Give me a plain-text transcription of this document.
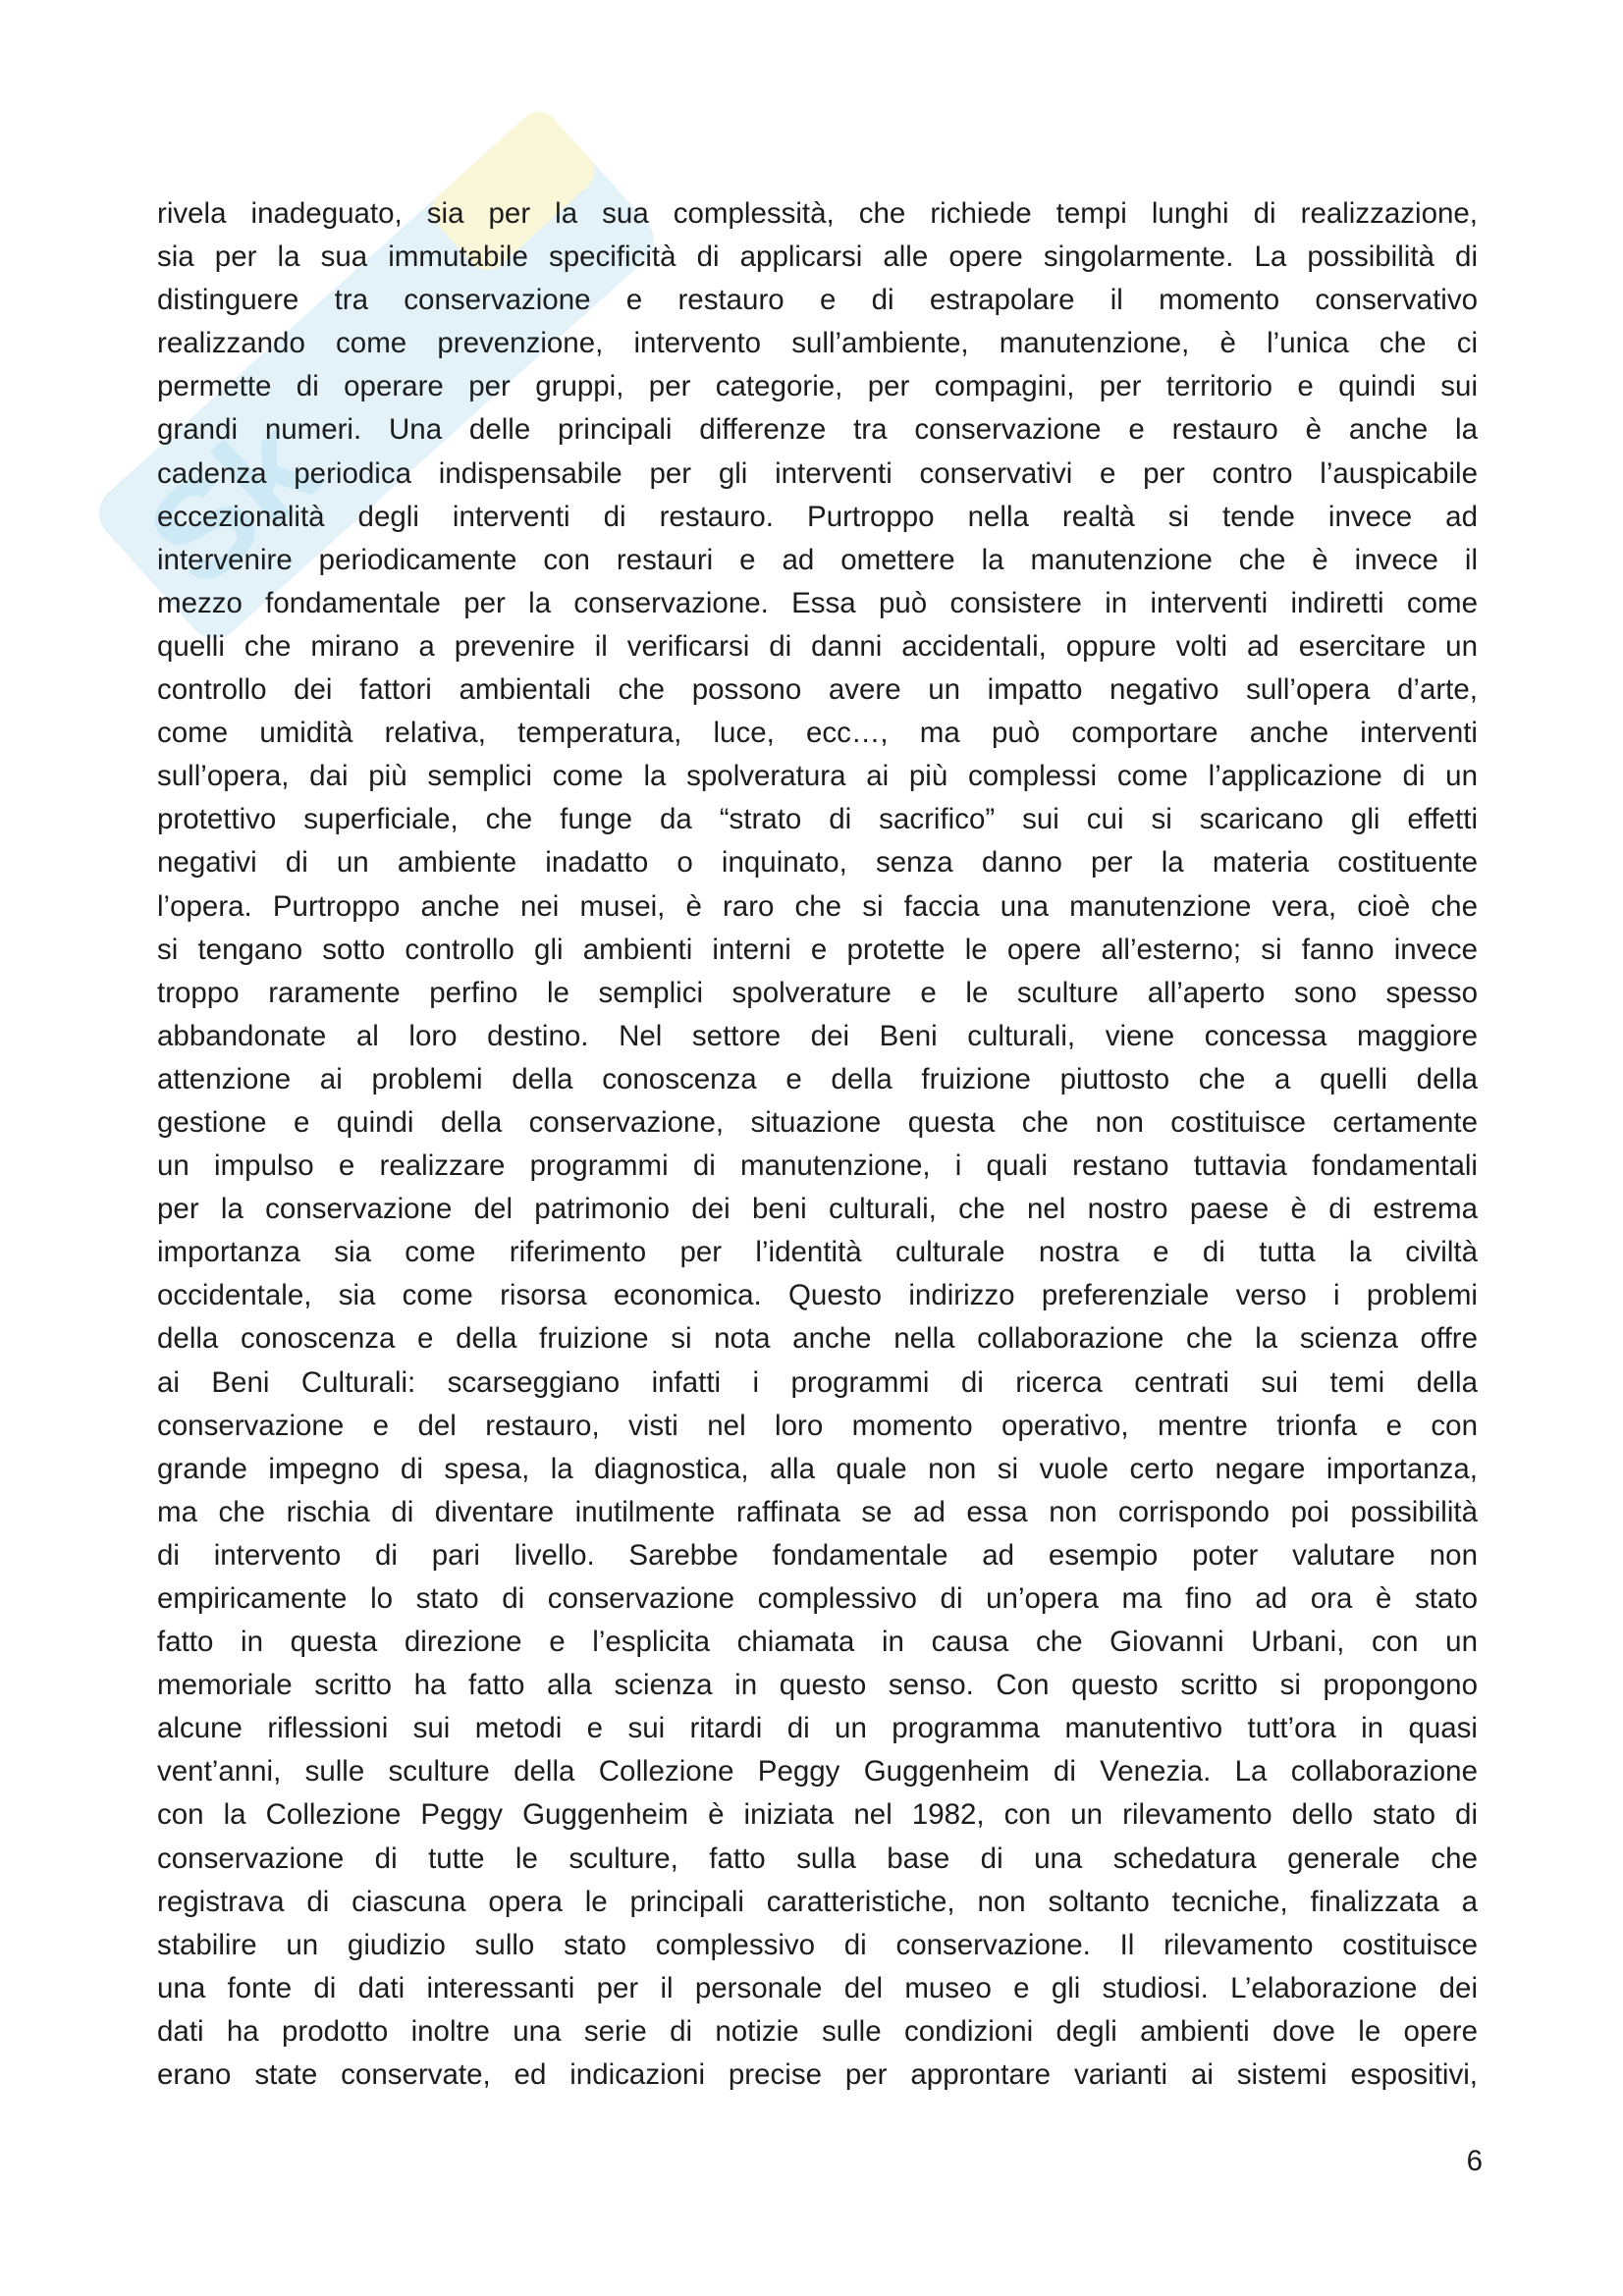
Sk
rivela inadeguato, sia per la sua complessità, che richiede tempi lunghi di realizzazione,
sia per la sua immutabile specificità di applicarsi alle opere singolarmente. La possibilità di
distinguere tra conservazione e restauro e di estrapolare il momento conservativo
realizzando come prevenzione, intervento sull’ambiente, manutenzione, è l’unica che ci
permette di operare per gruppi, per categorie, per compagini, per territorio e quindi sui
grandi numeri. Una delle principali differenze tra conservazione e restauro è anche la
cadenza periodica indispensabile per gli interventi conservativi e per contro l’auspicabile
eccezionalità degli interventi di restauro. Purtroppo nella realtà si tende invece ad
intervenire periodicamente con restauri e ad omettere la manutenzione che è invece il
mezzo fondamentale per la conservazione. Essa può consistere in interventi indiretti come
quelli che mirano a prevenire il verificarsi di danni accidentali, oppure volti ad esercitare un
controllo dei fattori ambientali che possono avere un impatto negativo sull’opera d’arte,
come umidità relativa, temperatura, luce, ecc…, ma può comportare anche interventi
sull’opera, dai più semplici come la spolveratura ai più complessi come l’applicazione di un
protettivo superficiale, che funge da “strato di sacrifico” sui cui si scaricano gli effetti
negativi di un ambiente inadatto o inquinato, senza danno per la materia costituente
l’opera. Purtroppo anche nei musei, è raro che si faccia una manutenzione vera, cioè che
si tengano sotto controllo gli ambienti interni e protette le opere all’esterno; si fanno invece
troppo raramente perfino le semplici spolverature e le sculture all’aperto sono spesso
abbandonate al loro destino. Nel settore dei Beni culturali, viene concessa maggiore
attenzione ai problemi della conoscenza e della fruizione piuttosto che a quelli della
gestione e quindi della conservazione, situazione questa che non costituisce certamente
un impulso e realizzare programmi di manutenzione, i quali restano tuttavia fondamentali
per la conservazione del patrimonio dei beni culturali, che nel nostro paese è di estrema
importanza sia come riferimento per l’identità culturale nostra e di tutta la civiltà
occidentale, sia come risorsa economica. Questo indirizzo preferenziale verso i problemi
della conoscenza e della fruizione si nota anche nella collaborazione che la scienza offre
ai Beni Culturali: scarseggiano infatti i programmi di ricerca centrati sui temi della
conservazione e del restauro, visti nel loro momento operativo, mentre trionfa e con
grande impegno di spesa, la diagnostica, alla quale non si vuole certo negare importanza,
ma che rischia di diventare inutilmente raffinata se ad essa non corrispondo poi possibilità
di intervento di pari livello. Sarebbe fondamentale ad esempio poter valutare non
empiricamente lo stato di conservazione complessivo di un’opera ma fino ad ora è stato
fatto in questa direzione e l’esplicita chiamata in causa che Giovanni Urbani, con un
memoriale scritto ha fatto alla scienza in questo senso. Con questo scritto si propongono
alcune riflessioni sui metodi e sui ritardi di un programma manutentivo tutt’ora in quasi
vent’anni, sulle sculture della Collezione Peggy Guggenheim di Venezia. La collaborazione
con la Collezione Peggy Guggenheim è iniziata nel 1982, con un rilevamento dello stato di
conservazione di tutte le sculture, fatto sulla base di una schedatura generale che
registrava di ciascuna opera le principali caratteristiche, non soltanto tecniche, finalizzata a
stabilire un giudizio sullo stato complessivo di conservazione. Il rilevamento costituisce
una fonte di dati interessanti per il personale del museo e gli studiosi. L’elaborazione dei
dati ha prodotto inoltre una serie di notizie sulle condizioni degli ambienti dove le opere
erano state conservate, ed indicazioni precise per approntare varianti ai sistemi espositivi,
6
